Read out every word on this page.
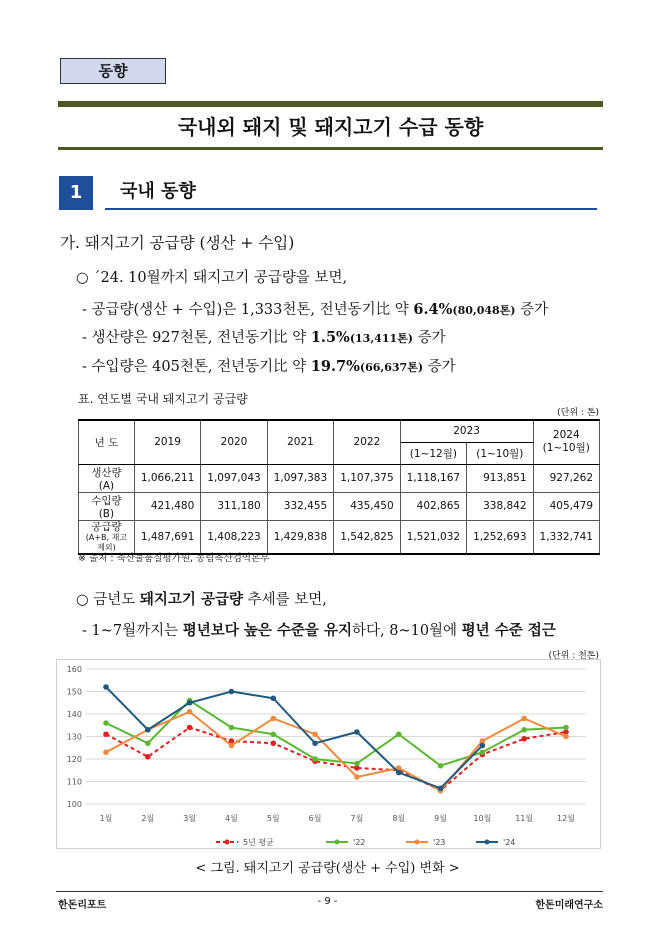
동향
국내외 돼지 및 돼지고기 수급 동향
1	국내 동향
가. 돼지고기 공급량 (생산 + 수입)
○ ´24. 10월까지 돼지고기 공급량을 보면,
- 공급량(생산 + 수입)은 1,333천톤, 전년동기比 약 6.4%(80,048톤) 증가
- 생산량은 927천톤, 전년동기比 약 1.5%(13,411톤) 증가
- 수입량은 405천톤, 전년동기比 약 19.7%(66,637톤) 증가
표. 연도별 국내 돼지고기 공급량
(단위 : 톤)
년 도	2019	2020	2021	2022	2023		2024
(1~10월)
					(1~12월)	(1~10월)	
생산량(A)	1,066,211	1,097,043	1,097,383	1,107,375	1,118,167	913,851	927,262
수입량(B)	421,480	311,180	332,455	435,450	402,865	338,842	405,479
공급량
(A+B, 재고 제외)	1,487,691	1,408,223	1,429,838	1,542,825	1,521,032	1,252,693	1,332,741
※ 출처 : 축산물품질평가원, 농림축산검역본부
○ 금년도 돼지고기 공급량 추세를 보면,
- 1~7월까지는 평년보다 높은 수준을 유지하다, 8~10월에 평년 수준 접근
(단위 : 천톤)
100
110
120
130
140
150
160
1월	2월	3월	4월	5월	6월	7월	8월	9월	10월	11월	12월
5년 평균	'22	'23	'24
< 그림. 돼지고기 공급량(생산 + 수입) 변화 >
한돈리포트	- 9 -	한돈미래연구소
